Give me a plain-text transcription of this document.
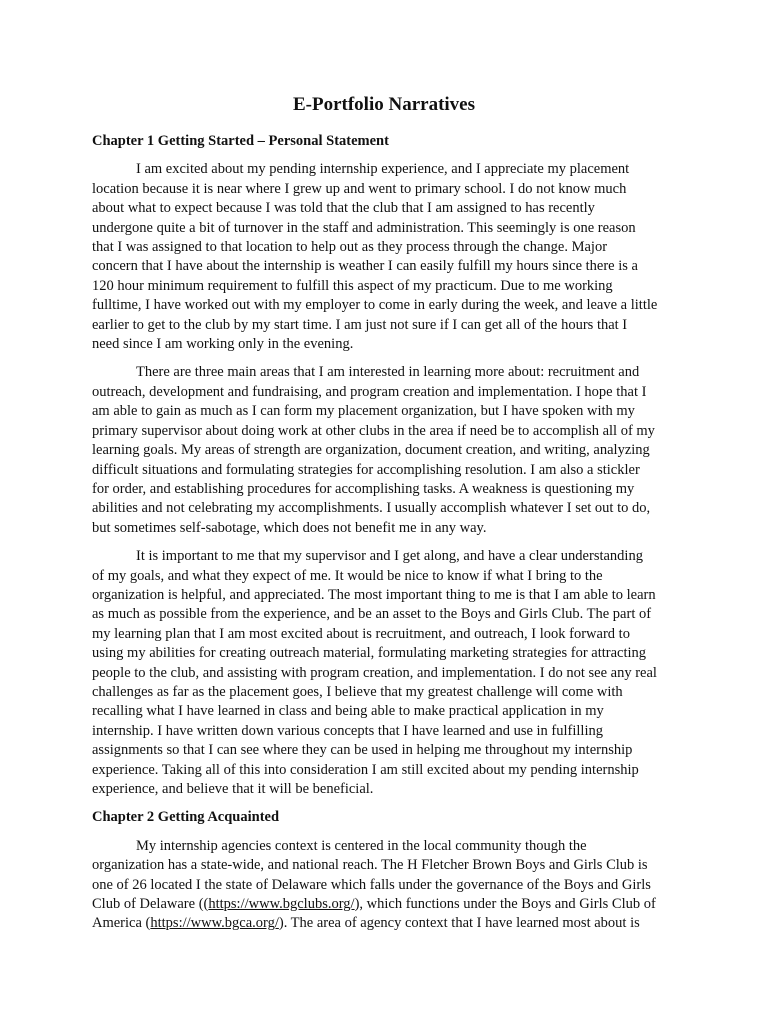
E-Portfolio Narratives
Chapter 1 Getting Started – Personal Statement
I am excited about my pending internship experience, and I appreciate my placement
location because it is near where I grew up and went to primary school. I do not know much
about what to expect because I was told that the club that I am assigned to has recently
undergone quite a bit of turnover in the staff and administration. This seemingly is one reason
that I was assigned to that location to help out as they process through the change. Major
concern that I have about the internship is weather I can easily fulfill my hours since there is a
120 hour minimum requirement to fulfill this aspect of my practicum. Due to me working
fulltime, I have worked out with my employer to come in early during the week, and leave a little
earlier to get to the club by my start time. I am just not sure if I can get all of the hours that I
need since I am working only in the evening.
There are three main areas that I am interested in learning more about: recruitment and
outreach, development and fundraising, and program creation and implementation. I hope that I
am able to gain as much as I can form my placement organization, but I have spoken with my
primary supervisor about doing work at other clubs in the area if need be to accomplish all of my
learning goals. My areas of strength are organization, document creation, and writing, analyzing
difficult situations and formulating strategies for accomplishing resolution. I am also a stickler
for order, and establishing procedures for accomplishing tasks. A weakness is questioning my
abilities and not celebrating my accomplishments. I usually accomplish whatever I set out to do,
but sometimes self-sabotage, which does not benefit me in any way.
It is important to me that my supervisor and I get along, and have a clear understanding
of my goals, and what they expect of me. It would be nice to know if what I bring to the
organization is helpful, and appreciated. The most important thing to me is that I am able to learn
as much as possible from the experience, and be an asset to the Boys and Girls Club. The part of
my learning plan that I am most excited about is recruitment, and outreach, I look forward to
using my abilities for creating outreach material, formulating marketing strategies for attracting
people to the club, and assisting with program creation, and implementation. I do not see any real
challenges as far as the placement goes, I believe that my greatest challenge will come with
recalling what I have learned in class and being able to make practical application in my
internship. I have written down various concepts that I have learned and use in fulfilling
assignments so that I can see where they can be used in helping me throughout my internship
experience. Taking all of this into consideration I am still excited about my pending internship
experience, and believe that it will be beneficial.
Chapter 2 Getting Acquainted
My internship agencies context is centered in the local community though the
organization has a state-wide, and national reach. The H Fletcher Brown Boys and Girls Club is
one of 26 located I the state of Delaware which falls under the governance of the Boys and Girls
Club of Delaware ((https://www.bgclubs.org/), which functions under the Boys and Girls Club of
America (https://www.bgca.org/). The area of agency context that I have learned most about is
